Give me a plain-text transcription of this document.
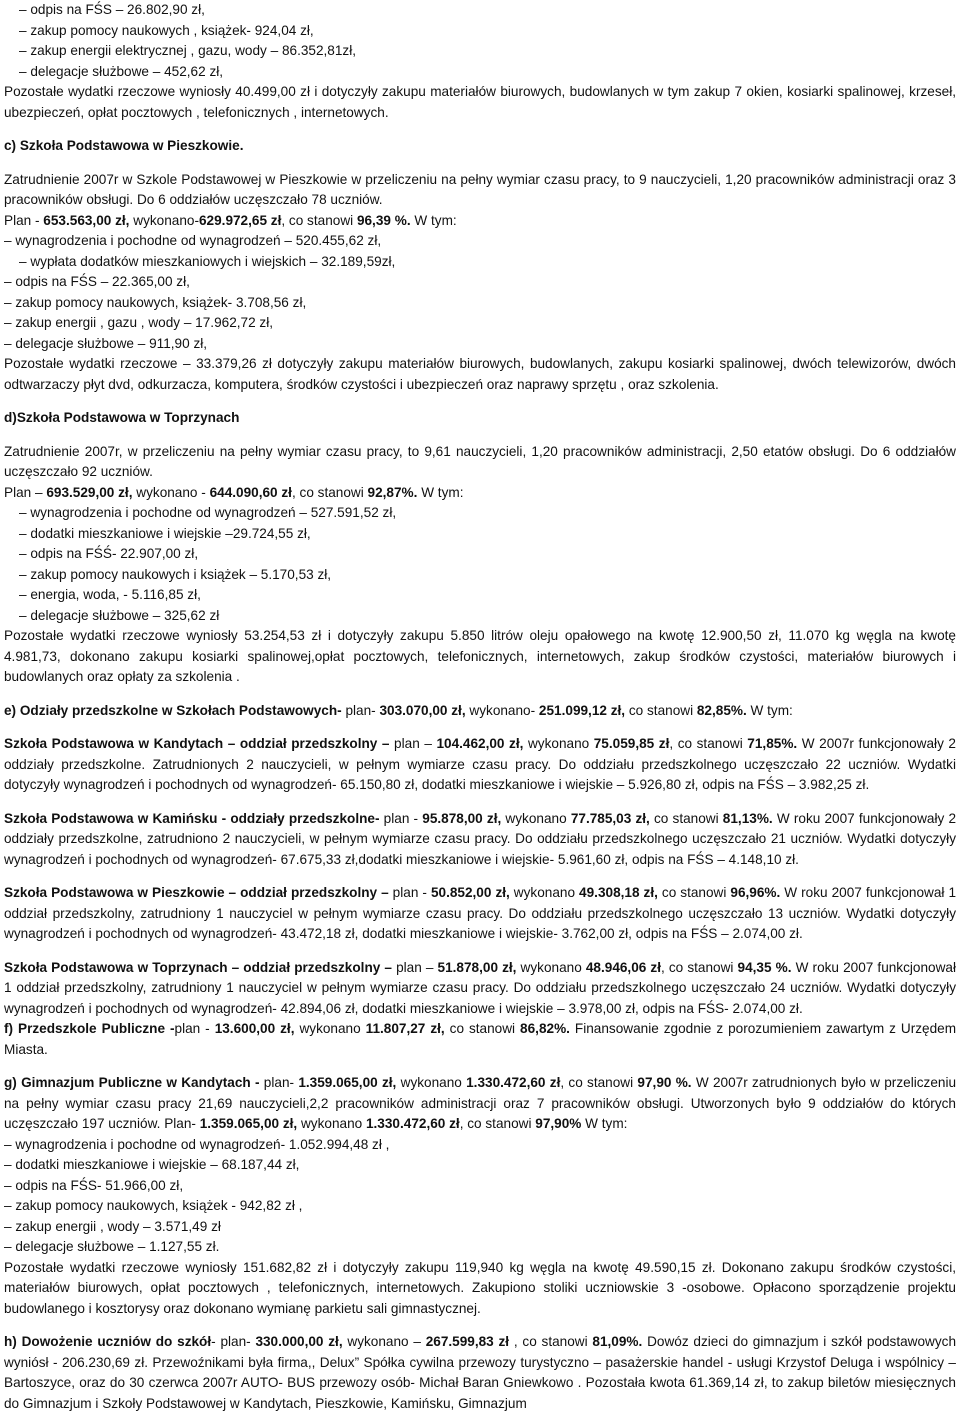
– odpis na FŚS – 26.802,90 zł,
– zakup pomocy naukowych , książek- 924,04 zł,
– zakup energii elektrycznej , gazu, wody – 86.352,81zł,
– delegacje służbowe – 452,62 zł,
Pozostałe wydatki rzeczowe wyniosły 40.499,00 zł i dotyczyły zakupu materiałów biurowych, budowlanych w tym zakup 7 okien, kosiarki spalinowej, krzeseł, ubezpieczeń, opłat pocztowych , telefonicznych , internetowych.
c) Szkoła Podstawowa w Pieszkowie.
Zatrudnienie 2007r w Szkole Podstawowej w Pieszkowie w przeliczeniu na pełny wymiar czasu pracy, to 9 nauczycieli, 1,20 pracowników administracji oraz 3 pracowników obsługi. Do 6 oddziałów uczęszczało 78 uczniów.
Plan - 653.563,00 zł, wykonano-629.972,65 zł, co stanowi 96,39 %. W tym:
– wynagrodzenia i pochodne od wynagrodzeń – 520.455,62 zł,
– wypłata dodatków mieszkaniowych i wiejskich – 32.189,59zł,
– odpis na FŚS – 22.365,00 zł,
– zakup pomocy naukowych, książek- 3.708,56 zł,
– zakup energii , gazu , wody – 17.962,72 zł,
– delegacje służbowe – 911,90 zł,
Pozostałe wydatki rzeczowe – 33.379,26 zł dotyczyły zakupu materiałów biurowych, budowlanych, zakupu kosiarki spalinowej, dwóch telewizorów, dwóch odtwarzaczy płyt dvd, odkurzacza, komputera, środków czystości i ubezpieczeń oraz naprawy sprzętu , oraz szkolenia.
d)Szkoła Podstawowa w Toprzynach
Zatrudnienie 2007r, w przeliczeniu na pełny wymiar czasu pracy, to 9,61 nauczycieli, 1,20 pracowników administracji, 2,50 etatów obsługi. Do 6 oddziałów uczęszczało 92 uczniów.
Plan – 693.529,00 zł, wykonano - 644.090,60 zł, co stanowi 92,87%. W tym:
– wynagrodzenia i pochodne od wynagrodzeń – 527.591,52 zł,
– dodatki mieszkaniowe i wiejskie –29.724,55 zł,
– odpis na FŚŚ- 22.907,00 zł,
– zakup pomocy naukowych i książek – 5.170,53 zł,
– energia, woda, - 5.116,85 zł,
– delegacje służbowe – 325,62 zł
Pozostałe wydatki rzeczowe wyniosły 53.254,53 zł i dotyczyły zakupu 5.850 litrów oleju opałowego na kwotę 12.900,50 zł, 11.070 kg węgla na kwotę 4.981,73, dokonano zakupu kosiarki spalinowej,opłat pocztowych, telefonicznych, internetowych, zakup środków czystości, materiałów biurowych i budowlanych oraz opłaty za szkolenia .
e) Odziały przedszkolne w Szkołach Podstawowych- plan- 303.070,00 zł, wykonano- 251.099,12 zł, co stanowi 82,85%. W tym:
Szkoła Podstawowa w Kandytach – oddział przedszkolny – plan – 104.462,00 zł, wykonano 75.059,85 zł, co stanowi 71,85%. W 2007r funkcjonowały 2 oddziały przedszkolne. Zatrudnionych 2 nauczycieli, w pełnym wymiarze czasu pracy. Do oddziału przedszkolnego uczęszczało 22 uczniów. Wydatki dotyczyły wynagrodzeń i pochodnych od wynagrodzeń- 65.150,80 zł, dodatki mieszkaniowe i wiejskie – 5.926,80 zł, odpis na FŚS – 3.982,25 zł.
Szkoła Podstawowa w Kamińsku - oddziały przedszkolne- plan - 95.878,00 zł, wykonano 77.785,03 zł, co stanowi 81,13%. W roku 2007 funkcjonowały 2 oddziały przedszkolne, zatrudniono 2 nauczycieli, w pełnym wymiarze czasu pracy. Do oddziału przedszkolnego uczęszczało 21 uczniów. Wydatki dotyczyły wynagrodzeń i pochodnych od wynagrodzeń- 67.675,33 zł,dodatki mieszkaniowe i wiejskie- 5.961,60 zł, odpis na FŚS – 4.148,10 zł.
Szkoła Podstawowa w Pieszkowie – oddział przedszkolny – plan - 50.852,00 zł, wykonano 49.308,18 zł, co stanowi 96,96%. W roku 2007 funkcjonował 1 oddział przedszkolny, zatrudniony 1 nauczyciel w pełnym wymiarze czasu pracy. Do oddziału przedszkolnego uczęszczało 13 uczniów. Wydatki dotyczyły wynagrodzeń i pochodnych od wynagrodzeń- 43.472,18 zł, dodatki mieszkaniowe i wiejskie- 3.762,00 zł, odpis na FŚS – 2.074,00 zł.
Szkoła Podstawowa w Toprzynach – oddział przedszkolny – plan – 51.878,00 zł, wykonano 48.946,06 zł, co stanowi 94,35 %. W roku 2007 funkcjonował 1 oddział przedszkolny, zatrudniony 1 nauczyciel w pełnym wymiarze czasu pracy. Do oddziału przedszkolnego uczęszczało 24 uczniów. Wydatki dotyczyły wynagrodzeń i pochodnych od wynagrodzeń- 42.894,06 zł, dodatki mieszkaniowe i wiejskie – 3.978,00 zł, odpis na FŚS- 2.074,00 zł.
f) Przedszkole Publiczne -plan - 13.600,00 zł, wykonano 11.807,27 zł, co stanowi 86,82%. Finansowanie zgodnie z porozumieniem zawartym z Urzędem Miasta.
g) Gimnazjum Publiczne w Kandytach - plan- 1.359.065,00 zł, wykonano 1.330.472,60 zł, co stanowi 97,90 %. W 2007r zatrudnionych było w przeliczeniu na pełny wymiar czasu pracy 21,69 nauczycieli,2,2 pracowników administracji oraz 7 pracowników obsługi. Utworzonych było 9 oddziałów do których uczęszczało 197 uczniów. Plan- 1.359.065,00 zł, wykonano 1.330.472,60 zł, co stanowi 97,90% W tym:
– wynagrodzenia i pochodne od wynagrodzeń- 1.052.994,48 zł ,
– dodatki mieszkaniowe i wiejskie – 68.187,44 zł,
– odpis na FŚS- 51.966,00 zł,
– zakup pomocy naukowych, książek - 942,82 zł ,
– zakup energii , wody – 3.571,49 zł
– delegacje służbowe – 1.127,55 zł.
Pozostałe wydatki rzeczowe wyniosły 151.682,82 zł i dotyczyły zakupu 119,940 kg węgla na kwotę 49.590,15 zł. Dokonano zakupu środków czystości, materiałów biurowych, opłat pocztowych , telefonicznych, internetowych. Zakupiono stoliki uczniowskie 3 -osobowe. Opłacono sporządzenie projektu budowlanego i kosztorysy oraz dokonano wymianę parkietu sali gimnastycznej.
h) Dowożenie uczniów do szkół- plan- 330.000,00 zł, wykonano – 267.599,83 zł , co stanowi 81,09%. Dowóz dzieci do gimnazjum i szkół podstawowych wyniósł - 206.230,69 zł. Przewoźnikami była firma,, Delux” Spółka cywilna przewozy turystyczno – pasażerskie handel - usługi Krzystof Deluga i wspólnicy – Bartoszyce, oraz do 30 czerwca 2007r AUTO- BUS przewozy osób- Michał Baran Gniewkowo . Pozostała kwota 61.369,14 zł, to zakup biletów miesięcznych do Gimnazjum i Szkoły Podstawowej w Kandytach, Pieszkowie, Kamińsku, Gimnazjum
